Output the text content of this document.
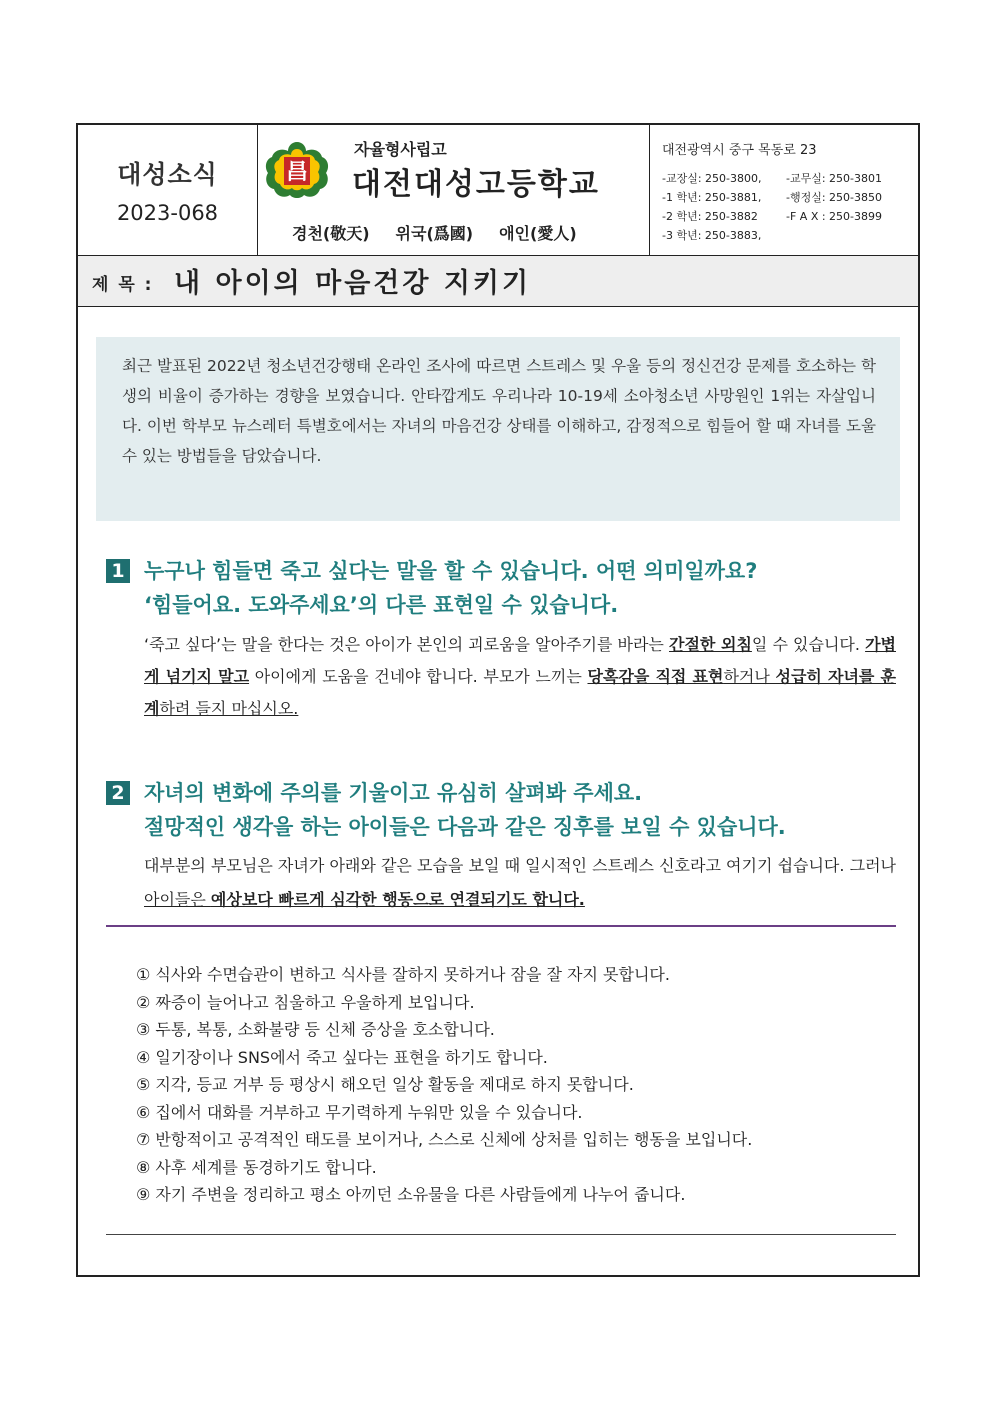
대성소식
2023-068
昌
자율형사립고
대전대성고등학교
경천(敬天) 위국(爲國) 애인(愛人)
대전광역시 중구 목동로 23
-교장실: 250-3800, -교무실: 250-3801
-1 학년: 250-3881, -행정실: 250-3850
-2 학년: 250-3882	-F A X : 250-3899
-3 학년: 250-3883,
제 목 : 내 아이의 마음건강 지키기
최근 발표된 2022년 청소년건강행태 온라인 조사에 따르면 스트레스 및 우울 등의 정신건강 문제를 호소하는 학생의 비율이 증가하는 경향을 보였습니다. 안타깝게도 우리나라 10-19세 소아청소년 사망원인 1위는 자살입니다. 이번 학부모 뉴스레터 특별호에서는 자녀의 마음건강 상태를 이해하고, 감정적으로 힘들어 할 때 자녀를 도울 수 있는 방법들을 담았습니다.
1 누구나 힘들면 죽고 싶다는 말을 할 수 있습니다. 어떤 의미일까요?
‘힘들어요. 도와주세요’의 다른 표현일 수 있습니다.
‘죽고 싶다’는 말을 한다는 것은 아이가 본인의 괴로움을 알아주기를 바라는 간절한 외침일 수 있습니다. 가볍게 넘기지 말고 아이에게 도움을 건네야 합니다. 부모가 느끼는 당혹감을 직접 표현하거나 성급히 자녀를 훈계하려 들지 마십시오.
2 자녀의 변화에 주의를 기울이고 유심히 살펴봐 주세요.
절망적인 생각을 하는 아이들은 다음과 같은 징후를 보일 수 있습니다.
대부분의 부모님은 자녀가 아래와 같은 모습을 보일 때 일시적인 스트레스 신호라고 여기기 쉽습니다. 그러나 아이들은 예상보다 빠르게 심각한 행동으로 연결되기도 합니다.
① 식사와 수면습관이 변하고 식사를 잘하지 못하거나 잠을 잘 자지 못합니다.
② 짜증이 늘어나고 침울하고 우울하게 보입니다.
③ 두통, 복통, 소화불량 등 신체 증상을 호소합니다.
④ 일기장이나 SNS에서 죽고 싶다는 표현을 하기도 합니다.
⑤ 지각, 등교 거부 등 평상시 해오던 일상 활동을 제대로 하지 못합니다.
⑥ 집에서 대화를 거부하고 무기력하게 누워만 있을 수 있습니다.
⑦ 반항적이고 공격적인 태도를 보이거나, 스스로 신체에 상처를 입히는 행동을 보입니다.
⑧ 사후 세계를 동경하기도 합니다.
⑨ 자기 주변을 정리하고 평소 아끼던 소유물을 다른 사람들에게 나누어 줍니다.
